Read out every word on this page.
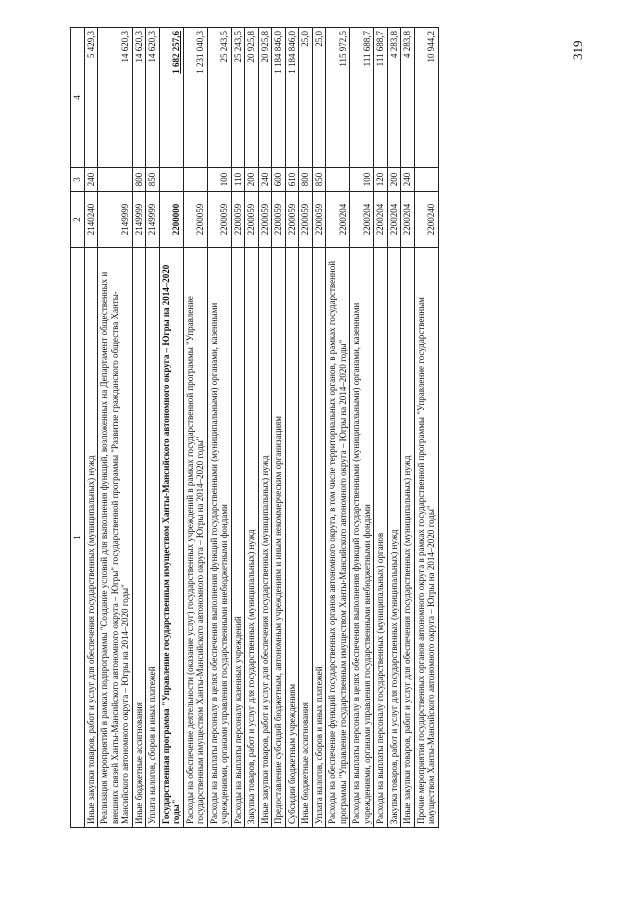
319
1	2	3	4
Иные закупки товаров, работ и услуг для обеспечения государственных (муниципальных) нужд	2140240	240	5 429,3
Реализация мероприятий в рамках подпрограммы "Создание условий для выполнения функций, возложенных на Департамент общественных и внешних связей Ханты-Мансийского автономного округа – Югры" государственной программы "Развитие гражданского общества Ханты-Мансийского автономного округа – Югры на 2014–2020 годы"	2149999		14 620,3
Иные бюджетные ассигнования	2149999	800	14 620,3
Уплата налогов, сборов и иных платежей	2149999	850	14 620,3
Государственная программа "Управление государственным имуществом Ханты-Мансийского автономного округа – Югры на 2014–2020 годы"	2200000		1 682 257,6
Расходы на обеспечение деятельности (оказание услуг) государственных учреждений в рамках государственной программы "Управление государственным имуществом Ханты-Мансийского автономного округа – Югры на 2014–2020 годы"	2200059		1 231 040,3
Расходы на выплаты персоналу в целях обеспечения выполнения функций государственными (муниципальными) органами, казенными учреждениями, органами управления государственными внебюджетными фондами	2200059	100	25 243,5
Расходы на выплаты персоналу казенных учреждений	2200059	110	25 243,5
Закупка товаров, работ и услуг для государственных (муниципальных) нужд	2200059	200	20 925,8
Иные закупки товаров, работ и услуг для обеспечения государственных (муниципальных) нужд	2200059	240	20 925,8
Предоставление субсидий бюджетным, автономным учреждениям и иным некоммерческим организациям	2200059	600	1 184 846,0
Субсидии бюджетным учреждениям	2200059	610	1 184 846,0
Иные бюджетные ассигнования	2200059	800	25,0
Уплата налогов, сборов и иных платежей	2200059	850	25,0
Расходы на обеспечение функций государственных органов автономного округа, в том числе территориальных органов, в рамках государственной программы "Управление государственным имуществом Ханты-Мансийского автономного округа – Югры на 2014–2020 годы"	2200204		115 972,5
Расходы на выплаты персоналу в целях обеспечения выполнения функций государственными (муниципальными) органами, казенными учреждениями, органами управления государственными внебюджетными фондами	2200204	100	111 688,7
Расходы на выплаты персоналу государственных (муниципальных) органов	2200204	120	111 688,7
Закупка товаров, работ и услуг для государственных (муниципальных) нужд	2200204	200	4 283,8
Иные закупки товаров, работ и услуг для обеспечения государственных (муниципальных) нужд	2200204	240	4 283,8
Прочие мероприятия государственных органов автономного округа в рамках государственной программы "Управление государственным имуществом Ханты-Мансийского автономного округа – Югры на 2014–2020 годы"	2200240		10 944,2
